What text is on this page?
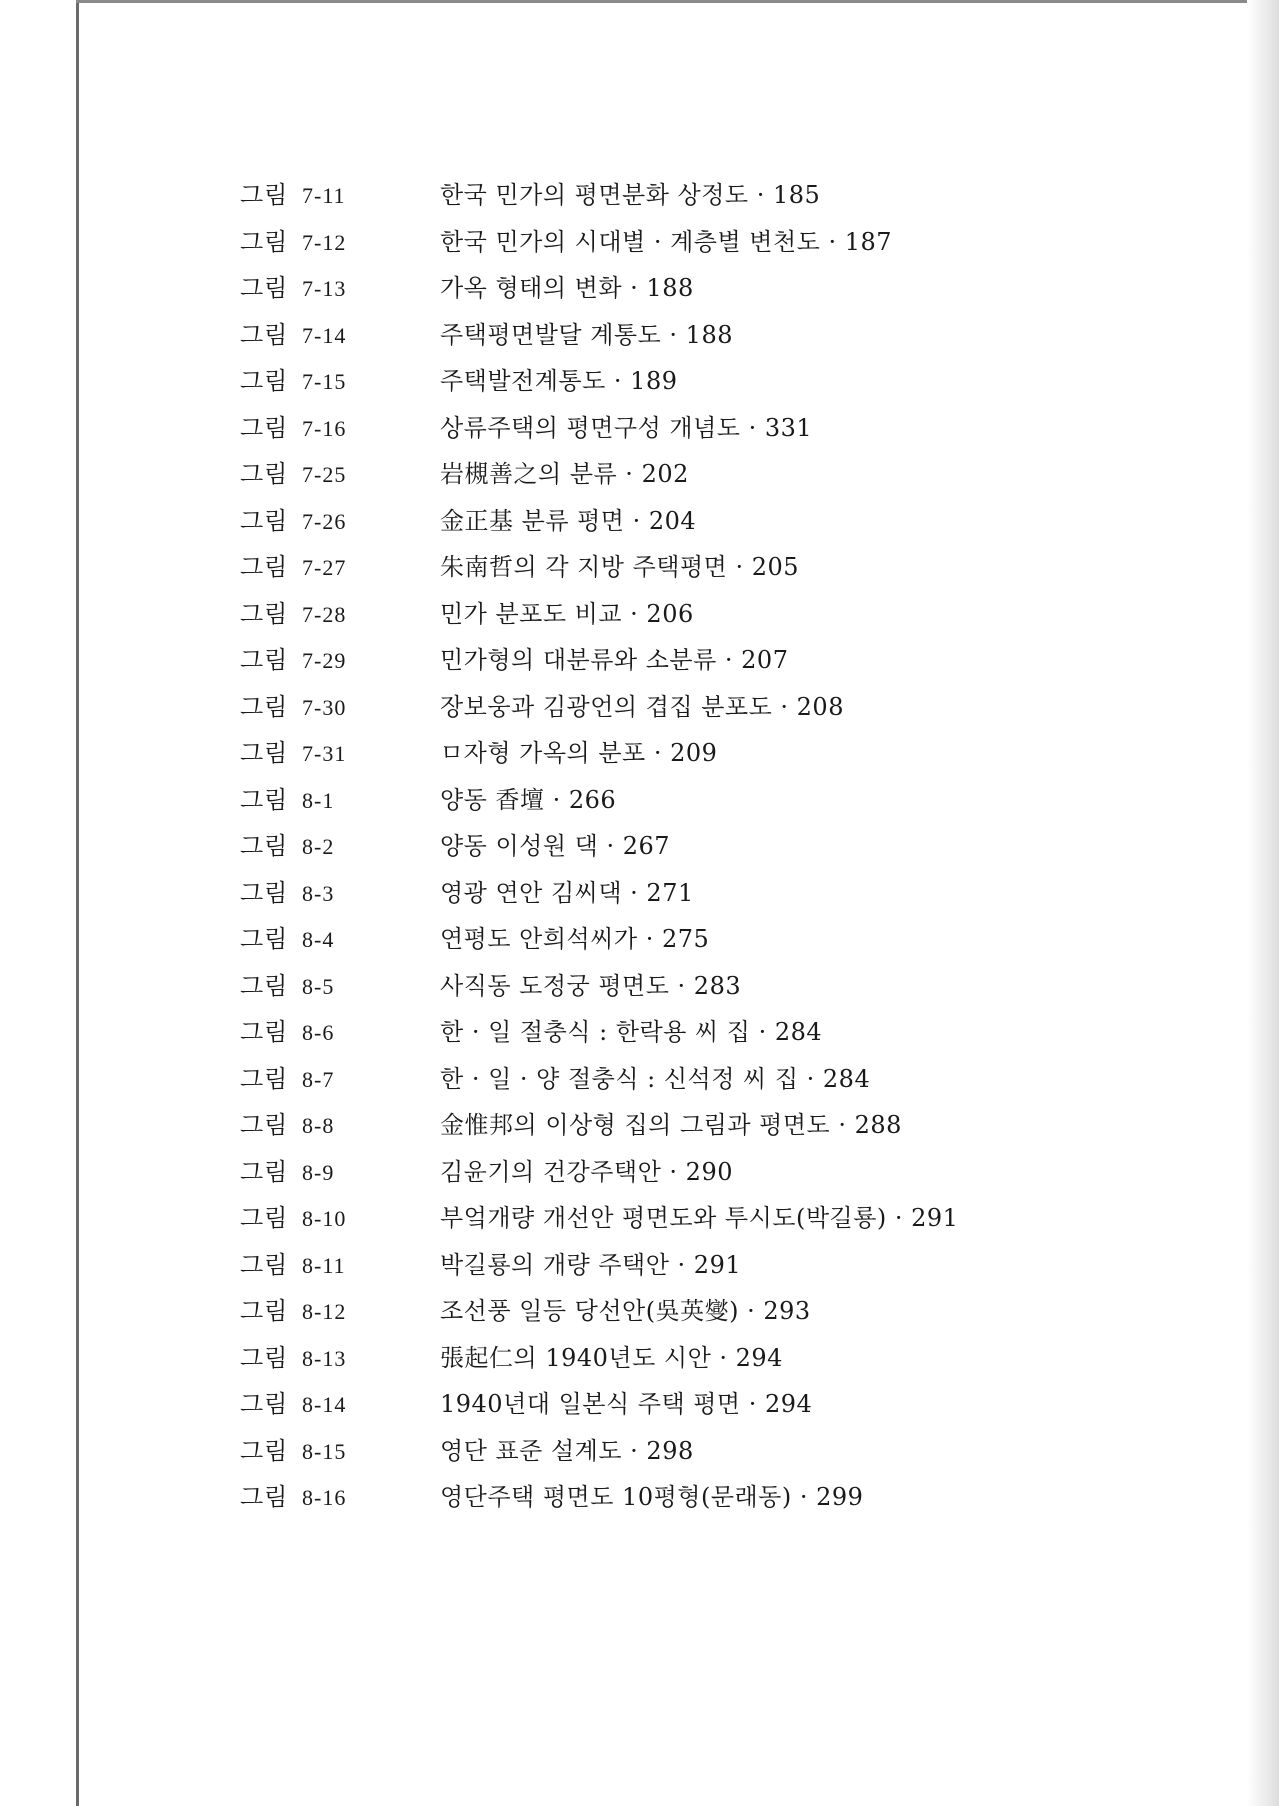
그림 7-11	한국 민가의 평면분화 상정도 · 185
그림 7-12	한국 민가의 시대별 · 계층별 변천도 · 187
그림 7-13	가옥 형태의 변화 · 188
그림 7-14	주택평면발달 계통도 · 188
그림 7-15	주택발전계통도 · 189
그림 7-16	상류주택의 평면구성 개념도 · 331
그림 7-25	岩槻善之의 분류 · 202
그림 7-26	金正基 분류 평면 · 204
그림 7-27	朱南哲의 각 지방 주택평면 · 205
그림 7-28	민가 분포도 비교 · 206
그림 7-29	민가형의 대분류와 소분류 · 207
그림 7-30	장보웅과 김광언의 겹집 분포도 · 208
그림 7-31	ㅁ자형 가옥의 분포 · 209
그림 8-1	양동 香壇 · 266
그림 8-2	양동 이성원 댁 · 267
그림 8-3	영광 연안 김씨댁 · 271
그림 8-4	연평도 안희석씨가 · 275
그림 8-5	사직동 도정궁 평면도 · 283
그림 8-6	한 · 일 절충식 : 한락용 씨 집 · 284
그림 8-7	한 · 일 · 양 절충식 : 신석정 씨 집 · 284
그림 8-8	金惟邦의 이상형 집의 그림과 평면도 · 288
그림 8-9	김윤기의 건강주택안 · 290
그림 8-10	부엌개량 개선안 평면도와 투시도(박길룡) · 291
그림 8-11	박길룡의 개량 주택안 · 291
그림 8-12	조선풍 일등 당선안(吳英燮) · 293
그림 8-13	張起仁의 1940년도 시안 · 294
그림 8-14	1940년대 일본식 주택 평면 · 294
그림 8-15	영단 표준 설계도 · 298
그림 8-16	영단주택 평면도 10평형(문래동) · 299
